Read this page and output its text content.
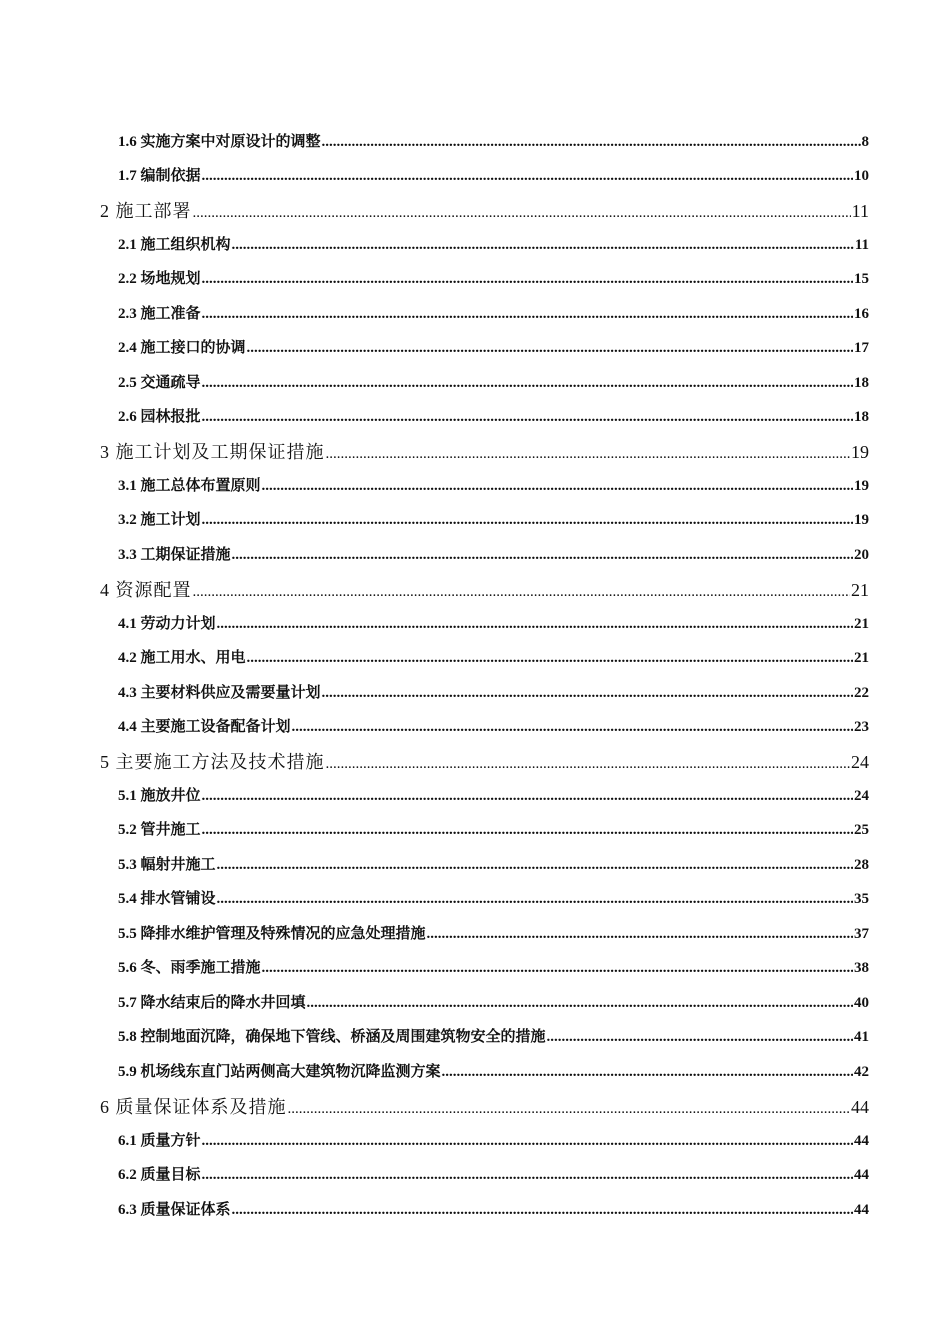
1.6 实施方案中对原设计的调整 .....	8
1.7 编制依据 .....	10
2 施工部署 .....	11
2.1 施工组织机构 .....	11
2.2 场地规划 .....	15
2.3 施工准备 .....	16
2.4 施工接口的协调 .....	17
2.5 交通疏导 .....	18
2.6 园林报批 .....	18
3 施工计划及工期保证措施 .....	19
3.1 施工总体布置原则 .....	19
3.2 施工计划 .....	19
3.3 工期保证措施 .....	20
4 资源配置 .....	21
4.1 劳动力计划 .....	21
4.2 施工用水、用电 .....	21
4.3 主要材料供应及需要量计划 .....	22
4.4 主要施工设备配备计划 .....	23
5 主要施工方法及技术措施 .....	24
5.1 施放井位 .....	24
5.2 管井施工 .....	25
5.3 幅射井施工 .....	28
5.4 排水管铺设 .....	35
5.5 降排水维护管理及特殊情况的应急处理措施 .....	37
5.6 冬、雨季施工措施 .....	38
5.7 降水结束后的降水井回填 .....	40
5.8 控制地面沉降，确保地下管线、桥涵及周围建筑物安全的措施 .....	41
5.9 机场线东直门站两侧高大建筑物沉降监测方案 .....	42
6 质量保证体系及措施 .....	44
6.1 质量方针 .....	44
6.2 质量目标 .....	44
6.3 质量保证体系 .....	44
